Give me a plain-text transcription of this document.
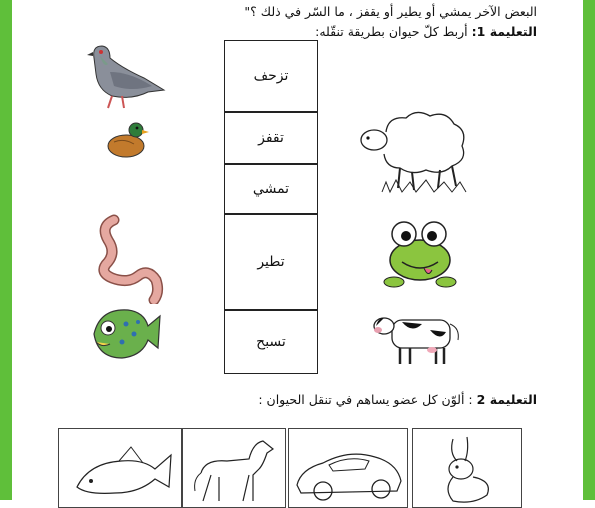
البعض الآخر يمشي أو يطير أو يقفز ، ما السّر في ذلك ؟"
التعليمة 1: أربط كلّ حيوان بطريقة تنقّله:
تزحف
تقفز
تمشي
تطير
تسبح
التعليمة 2 : ألوّن كل عضو يساهم في تنقل الحيوان :
